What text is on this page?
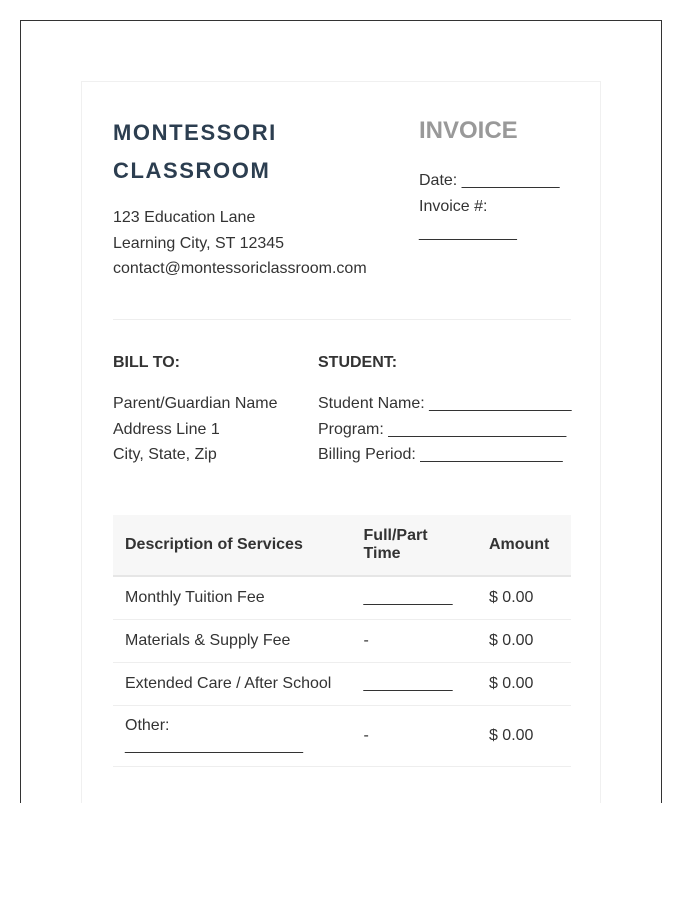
MONTESSORI
CLASSROOM
123 Education Lane
Learning City, ST 12345
contact@montessoriclassroom.com
INVOICE
Date: ___________
Invoice #:
___________
BILL TO:
Parent/Guardian Name
Address Line 1
City, State, Zip
STUDENT:
Student Name: ________________
Program: ____________________
Billing Period: ________________
Description of Services	Full/Part Time	Amount
Monthly Tuition Fee	__________	$ 0.00
Materials & Supply Fee	-	$ 0.00
Extended Care / After School	__________	$ 0.00
Other:
____________________	-	$ 0.00
